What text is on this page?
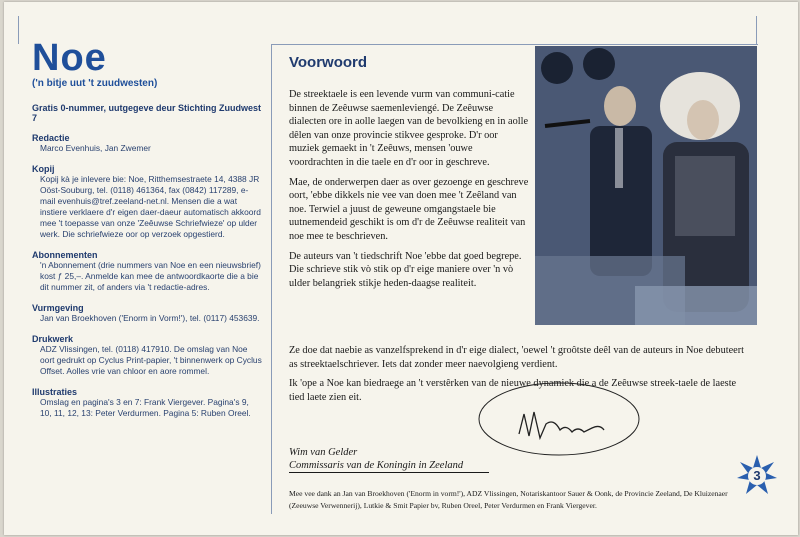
Noe
('n bitje uut 't zuudwesten)
Gratis 0-nummer, uutgegeve deur Stichting Zuudwest 7
Redactie
Marco Evenhuis, Jan Zwemer
Kopij
Kopij kà je inlevere bie: Noe, Ritthemsestraete 14, 4388 JR Oöst-Souburg, tel. (0118) 461364, fax (0842) 117289, e-mail evenhuis@tref.zeeland-net.nl. Mensen die a wat instiere verklaere d'r eigen daer-daeur automatisch akkoord mee 't toepasse van onze 'Zeêuwse Schriefwieze' op ulder werk. Die schriefwieze oor op verzoek opgestierd.
Abonnementen
'n Abonnement (drie nummers van Noe en een nieuwsbrief) kost ƒ 25,–. Anmelde kan mee de antwoordkaorte die a bie dit nummer zit, of anders via 't redactie-adres.
Vurmgeving
Jan van Broekhoven ('Enorm in Vorm!'), tel. (0117) 453639.
Drukwerk
ADZ Vlissingen, tel. (0118) 417910. De omslag van Noe oort gedrukt op Cyclus Print-papier, 't binnenwerk op Cyclus Offset. Aolles vrie van chloor en aore rommel.
Illustraties
Omslag en pagina's 3 en 7: Frank Viergever. Pagina's 9, 10, 11, 12, 13: Peter Verdurmen. Pagina 5: Ruben Oreel.
Voorwoord

De streektaele is een levende vurm van communi-catie binnen de Zeêuwse saemenleviengé. De Zeêuwse dialecten ore in aolle laegen van de bevolkieng en in aolle dêlen van onze provincie stikvee gesproke. D'r oor muziek gemaekt in 't Zeêuws, mensen 'ouwe voordrachten in die taele en d'r oor in geschreve.

Mae, de onderwerpen daer as over gezoenge en geschreve oort, 'ebbe dikkels nie vee van doen mee 't Zeêland van noe. Terwiel a juust de geweune omgangstaele bie uutnemendeid geschikt is om d'r de Zeêuwse realiteit van noe mee te beschrieven.

De auteurs van 't tiedschrift Noe 'ebbe dat goed begrepe. Die schrieve stik vò stik op d'r eige maniere over 'n vò ulder belangriek stikje heden-daagse realiteit.

Ze doe dat naebie as vanzelfsprekend in d'r eige dialect, 'oewel 't groôtste deêl van de auteurs in Noe debuteert as streektaelschriever. Iets dat zonder meer naevolgieng verdient.

Ik 'ope a Noe kan biedraege an 't verstêrken van de nieuwe dynamiek die a de Zeêuwse streek-taele de laeste tied laete zien eit.

Wim van Gelder
Commissaris van de Koningin in Zeeland
Mee vee dank an Jan van Broekhoven ('Enorm in vorm!'), ADZ Vlissingen, Notariskantoor Sauer & Oonk, de Provincie Zeeland, De Kluizenaer (Zeeuwse Verwennerij), Lutkie & Smit Papier bv, Ruben Oreel, Peter Verdurmen en Frank Viergever.
3
